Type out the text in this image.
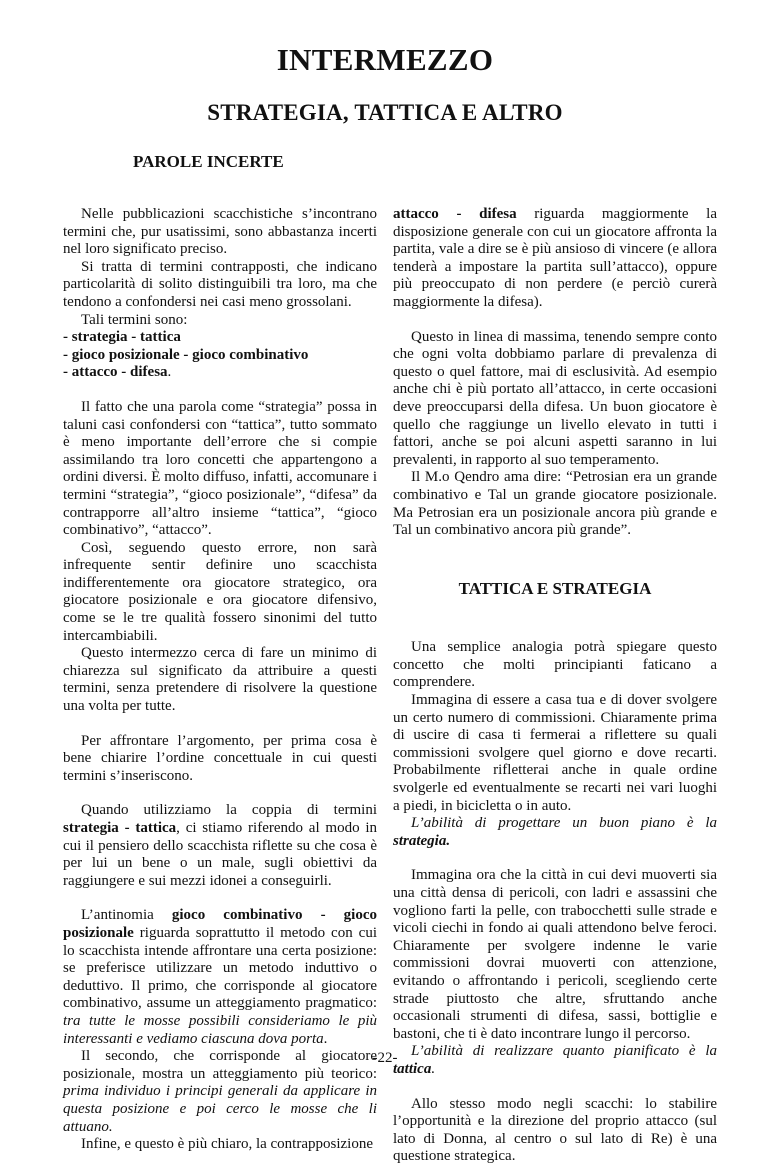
INTERMEZZO
STRATEGIA, TATTICA E ALTRO
PAROLE INCERTE

Nelle pubblicazioni scacchistiche s’incontrano termini che, pur usatissimi, sono abbastanza incerti nel loro significato preciso.

Si tratta di termini contrapposti, che indicano particolarità di solito distinguibili tra loro, ma che tendono a confondersi nei casi meno grossolani.

Tali termini sono:

- strategia - tattica
- gioco posizionale - gioco combinativo
- attacco - difesa.

Il fatto che una parola come “strategia” possa in taluni casi confondersi con “tattica”, tutto sommato è meno importante dell’errore che si compie assimilando tra loro concetti che appartengono a ordini diversi. È molto diffuso, infatti, accomunare i termini “strategia”, “gioco posizionale”, “difesa” da contrapporre all’altro insieme “tattica”, “gioco combinativo”, “attacco”.

Così, seguendo questo errore, non sarà infrequente sentir definire uno scacchista indifferentemente ora giocatore strategico, ora giocatore posizionale e ora giocatore difensivo, come se le tre qualità fossero sinonimi del tutto intercambiabili.

Questo intermezzo cerca di fare un minimo di chiarezza sul significato da attribuire a questi termini, senza pretendere di risolvere la questione una volta per tutte.

Per affrontare l’argomento, per prima cosa è bene chiarire l’ordine concettuale in cui questi termini s’inseriscono.

Quando utilizziamo la coppia di termini strategia - tattica, ci stiamo riferendo al modo in cui il pensiero dello scacchista riflette su che cosa è per lui un bene o un male, sugli obiettivi da raggiungere e sui mezzi idonei a conseguirli.

L’antinomia gioco combinativo - gioco posizionale riguarda soprattutto il metodo con cui lo scacchista intende affrontare una certa posizione: se preferisce utilizzare un metodo induttivo o deduttivo. Il primo, che corrisponde al giocatore combinativo, assume un atteggiamento pragmatico: tra tutte le mosse possibili consideriamo le più interessanti e vediamo ciascuna dova porta.

Il secondo, che corrisponde al giocatore posizionale, mostra un atteggiamento più teorico: prima individuo i principi generali da applicare in questa posizione e poi cerco le mosse che li attuano.

Infine, e questo è più chiaro, la contrapposizione

attacco - difesa riguarda maggiormente la disposizione generale con cui un giocatore affronta la partita, vale a dire se è più ansioso di vincere (e allora tenderà a impostare la partita sull’attacco), oppure più preoccupato di non perdere (e perciò curerà maggiormente la difesa).

Questo in linea di massima, tenendo sempre conto che ogni volta dobbiamo parlare di prevalenza di questo o quel fattore, mai di esclusività. Ad esempio anche chi è più portato all’attacco, in certe occasioni deve preoccuparsi della difesa. Un buon giocatore è quello che raggiunge un livello elevato in tutti i fattori, anche se poi alcuni aspetti saranno in lui prevalenti, in rapporto al suo temperamento.

Il M.o Qendro ama dire: “Petrosian era un grande combinativo e Tal un grande giocatore posizionale. Ma Petrosian era un posizionale ancora più grande e Tal un combinativo ancora più grande”.

TATTICA E STRATEGIA

Una semplice analogia potrà spiegare questo concetto che molti principianti faticano a comprendere.

Immagina di essere a casa tua e di dover svolgere un certo numero di commissioni. Chiaramente prima di uscire di casa ti fermerai a riflettere su quali commissioni svolgere quel giorno e dove recarti. Probabilmente rifletterai anche in quale ordine svolgerle ed eventualmente se recarti nei vari luoghi a piedi, in bicicletta o in auto.

L’abilità di progettare un buon piano è la strategia.

Immagina ora che la città in cui devi muoverti sia una città densa di pericoli, con ladri e assassini che vogliono farti la pelle, con trabocchetti sulle strade e vicoli ciechi in fondo ai quali attendono belve feroci. Chiaramente per svolgere indenne le varie commissioni dovrai muoverti con attenzione, evitando o affrontando i pericoli, scegliendo certe strade piuttosto che altre, sfruttando anche occasionali strumenti di difesa, sassi, bottiglie e bastoni, che ti è dato incontrare lungo il percorso.

L’abilità di realizzare quanto pianificato è la tattica.

Allo stesso modo negli scacchi: lo stabilire l’opportunità e la direzione del proprio attacco (sul lato di Donna, al centro o sul lato di Re) è una questione strategica.

-22-
